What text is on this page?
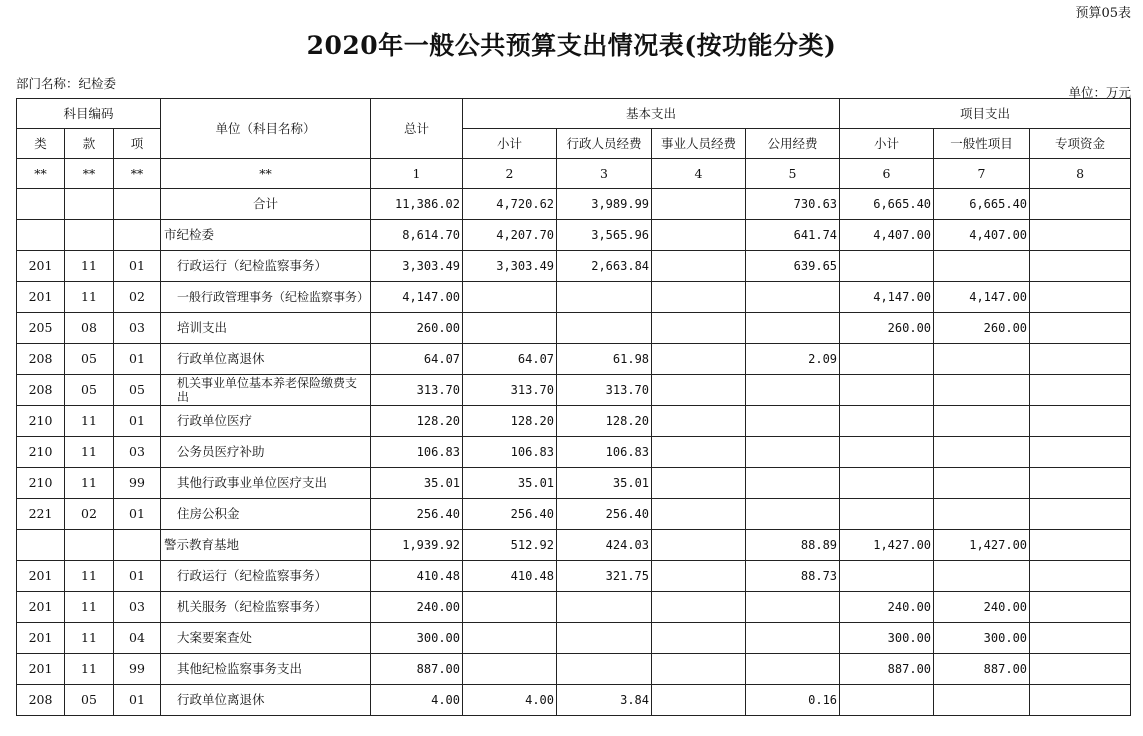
预算05表
2020年一般公共预算支出情况表(按功能分类)
部门名称：纪检委
单位：万元
科目编码			单位（科目名称）	总计	基本支出				项目支出		
类	款	项			小计	行政人员经费	事业人员经费	公用经费	小计	一般性项目	专项资金
**	**	**	**	1	2	3	4	5	6	7	8
			合计	11,386.02	4,720.62	3,989.99		730.63	6,665.40	6,665.40	
			市纪检委	8,614.70	4,207.70	3,565.96		641.74	4,407.00	4,407.00	
201	11	01	行政运行（纪检监察事务）	3,303.49	3,303.49	2,663.84		639.65			
201	11	02	一般行政管理事务（纪检监察事务）	4,147.00					4,147.00	4,147.00	
205	08	03	培训支出	260.00					260.00	260.00	
208	05	01	行政单位离退休	64.07	64.07	61.98		2.09			
208	05	05	机关事业单位基本养老保险缴费支出	313.70	313.70	313.70					
210	11	01	行政单位医疗	128.20	128.20	128.20					
210	11	03	公务员医疗补助	106.83	106.83	106.83					
210	11	99	其他行政事业单位医疗支出	35.01	35.01	35.01					
221	02	01	住房公积金	256.40	256.40	256.40					
			警示教育基地	1,939.92	512.92	424.03		88.89	1,427.00	1,427.00	
201	11	01	行政运行（纪检监察事务）	410.48	410.48	321.75		88.73			
201	11	03	机关服务（纪检监察事务）	240.00					240.00	240.00	
201	11	04	大案要案查处	300.00					300.00	300.00	
201	11	99	其他纪检监察事务支出	887.00					887.00	887.00	
208	05	01	行政单位离退休	4.00	4.00	3.84		0.16			
